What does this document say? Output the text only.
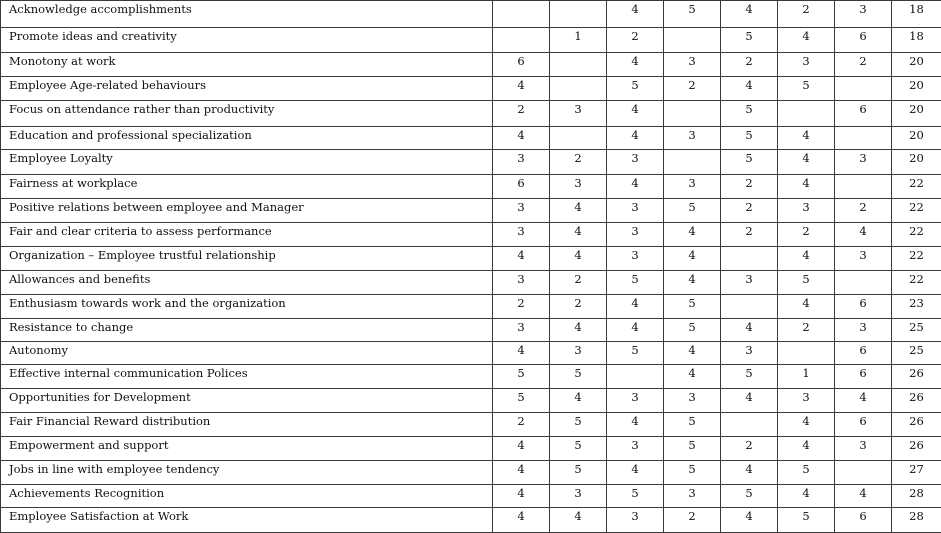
Acknowledge accomplishments			4	5	4	2	3	18
Promote ideas and creativity		1	2		5	4	6	18
Monotony at work	6		4	3	2	3	2	20
Employee Age-related behaviours	4		5	2	4	5		20
Focus on attendance rather than productivity	2	3	4		5		6	20
Education and professional specialization	4		4	3	5	4		20
Employee Loyalty	3	2	3		5	4	3	20
Fairness at workplace	6	3	4	3	2	4		22
Positive relations between employee and Manager	3	4	3	5	2	3	2	22
Fair and clear criteria to assess performance	3	4	3	4	2	2	4	22
Organization – Employee trustful relationship	4	4	3	4		4	3	22
Allowances and benefits	3	2	5	4	3	5		22
Enthusiasm towards work and the organization	2	2	4	5		4	6	23
Resistance to change	3	4	4	5	4	2	3	25
Autonomy	4	3	5	4	3		6	25
Effective internal communication Polices	5	5		4	5	1	6	26
Opportunities for Development	5	4	3	3	4	3	4	26
Fair Financial Reward distribution	2	5	4	5		4	6	26
Empowerment and support	4	5	3	5	2	4	3	26
Jobs in line with employee tendency	4	5	4	5	4	5		27
Achievements Recognition	4	3	5	3	5	4	4	28
Employee Satisfaction at Work	4	4	3	2	4	5	6	28
